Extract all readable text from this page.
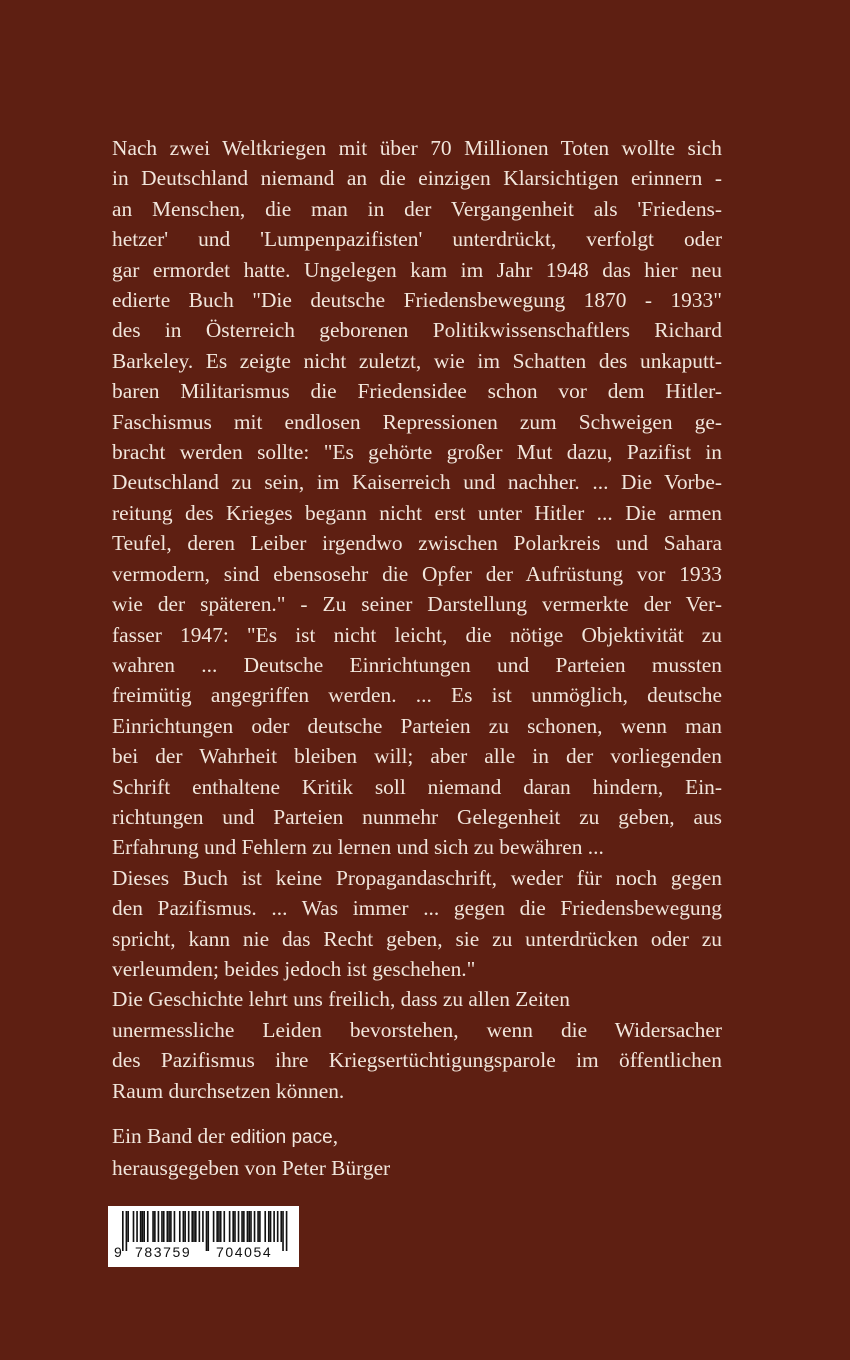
Nach zwei Weltkriegen mit über 70 Millionen Toten wollte sich
in Deutschland niemand an die einzigen Klarsichtigen erinnern -
an Menschen, die man in der Vergangenheit als 'Friedens-
hetzer' und 'Lumpenpazifisten' unterdrückt, verfolgt oder
gar ermordet hatte. Ungelegen kam im Jahr 1948 das hier neu
edierte Buch "Die deutsche Friedensbewegung 1870 - 1933"
des in Österreich geborenen Politikwissenschaftlers Richard
Barkeley. Es zeigte nicht zuletzt, wie im Schatten des unkaputt-
baren Militarismus die Friedensidee schon vor dem Hitler-
Faschismus mit endlosen Repressionen zum Schweigen ge-
bracht werden sollte: "Es gehörte großer Mut dazu, Pazifist in
Deutschland zu sein, im Kaiserreich und nachher. ... Die Vorbe-
reitung des Krieges begann nicht erst unter Hitler ... Die armen
Teufel, deren Leiber irgendwo zwischen Polarkreis und Sahara
vermodern, sind ebensosehr die Opfer der Aufrüstung vor 1933
wie der späteren." - Zu seiner Darstellung vermerkte der Ver-
fasser 1947: "Es ist nicht leicht, die nötige Objektivität zu
wahren ... Deutsche Einrichtungen und Parteien mussten
freimütig angegriffen werden. ... Es ist unmöglich, deutsche
Einrichtungen oder deutsche Parteien zu schonen, wenn man
bei der Wahrheit bleiben will; aber alle in der vorliegenden
Schrift enthaltene Kritik soll niemand daran hindern, Ein-
richtungen und Parteien nunmehr Gelegenheit zu geben, aus
Erfahrung und Fehlern zu lernen und sich zu bewähren ...
Dieses Buch ist keine Propagandaschrift, weder für noch gegen
den Pazifismus. ... Was immer ... gegen die Friedensbewegung
spricht, kann nie das Recht geben, sie zu unterdrücken oder zu
verleumden; beides jedoch ist geschehen."
Die Geschichte lehrt uns freilich, dass zu allen Zeiten
unermessliche Leiden bevorstehen, wenn die Widersacher
des Pazifismus ihre Kriegsertüchtigungsparole im öffentlichen
Raum durchsetzen können.
Ein Band der edition pace,
herausgegeben von Peter Bürger
9 783759 704054
